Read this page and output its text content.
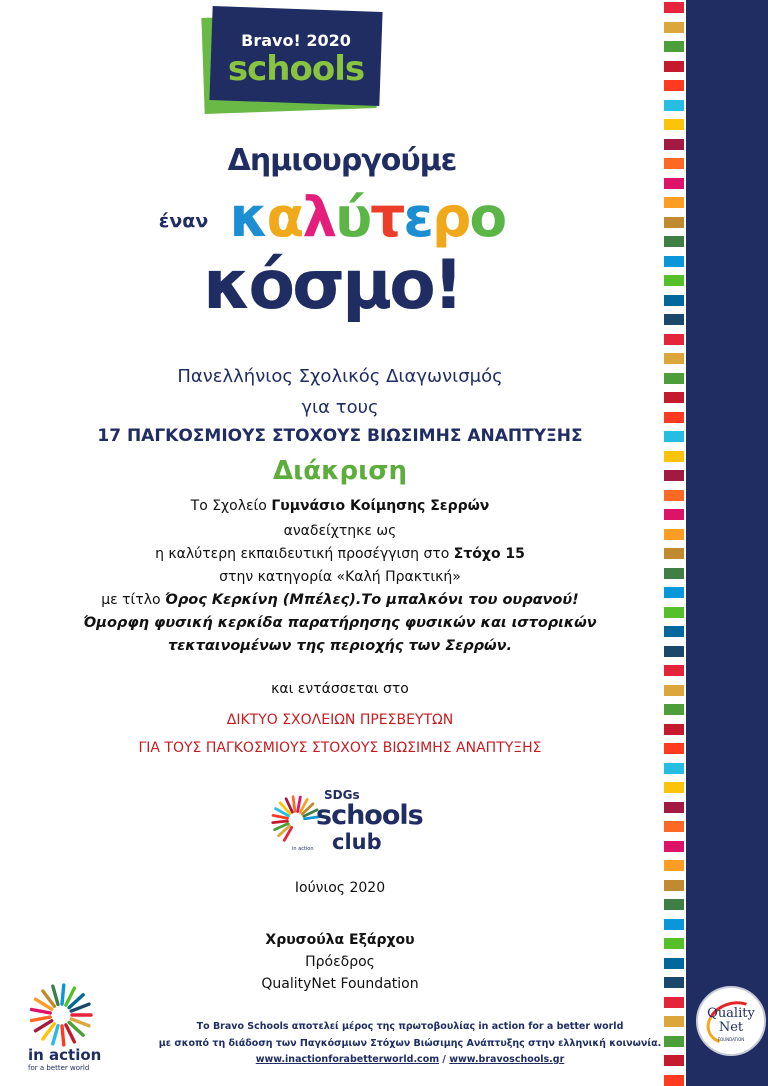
Bravo! 2020
schools
Δημιουργούμε
έναν καλύτερο
κόσμο!
Πανελλήνιος Σχολικός Διαγωνισμός
για τους
17 ΠΑΓΚΟΣΜΙΟΥΣ ΣΤΟΧΟΥΣ ΒΙΩΣΙΜΗΣ ΑΝΑΠΤΥΞΗΣ
Διάκριση
Το Σχολείο Γυμνάσιο Κοίμησης Σερρών
αναδείχτηκε ως
η καλύτερη εκπαιδευτική προσέγγιση στο Στόχο 15
στην κατηγορία «Καλή Πρακτική»
με τίτλο Όρος Κερκίνη (Μπέλες).Το μπαλκόνι του ουρανού!
Όμορφη φυσική κερκίδα παρατήρησης φυσικών και ιστορικών
τεκταινομένων της περιοχής των Σερρών.
και εντάσσεται στο
ΔΙΚΤΥΟ ΣΧΟΛΕΙΩΝ ΠΡΕΣΒΕΥΤΩΝ
ΓΙΑ ΤΟΥΣ ΠΑΓΚΟΣΜΙΟΥΣ ΣΤΟΧΟΥΣ ΒΙΩΣΙΜΗΣ ΑΝΑΠΤΥΞΗΣ
SDGs
schools
club
in action
Ιούνιος 2020
Χρυσούλα Εξάρχου
Πρόεδρος
QualityNet Foundation
in action
for a better world
Το Bravo Schools αποτελεί μέρος της πρωτοβουλίας in action for a better world
με σκοπό τη διάδοση των Παγκόσμιων Στόχων Βιώσιμης Ανάπτυξης στην ελληνική κοινωνία.
www.inactionforabetterworld.com / www.bravoschools.gr
Quality
Net
FOUNDATION
